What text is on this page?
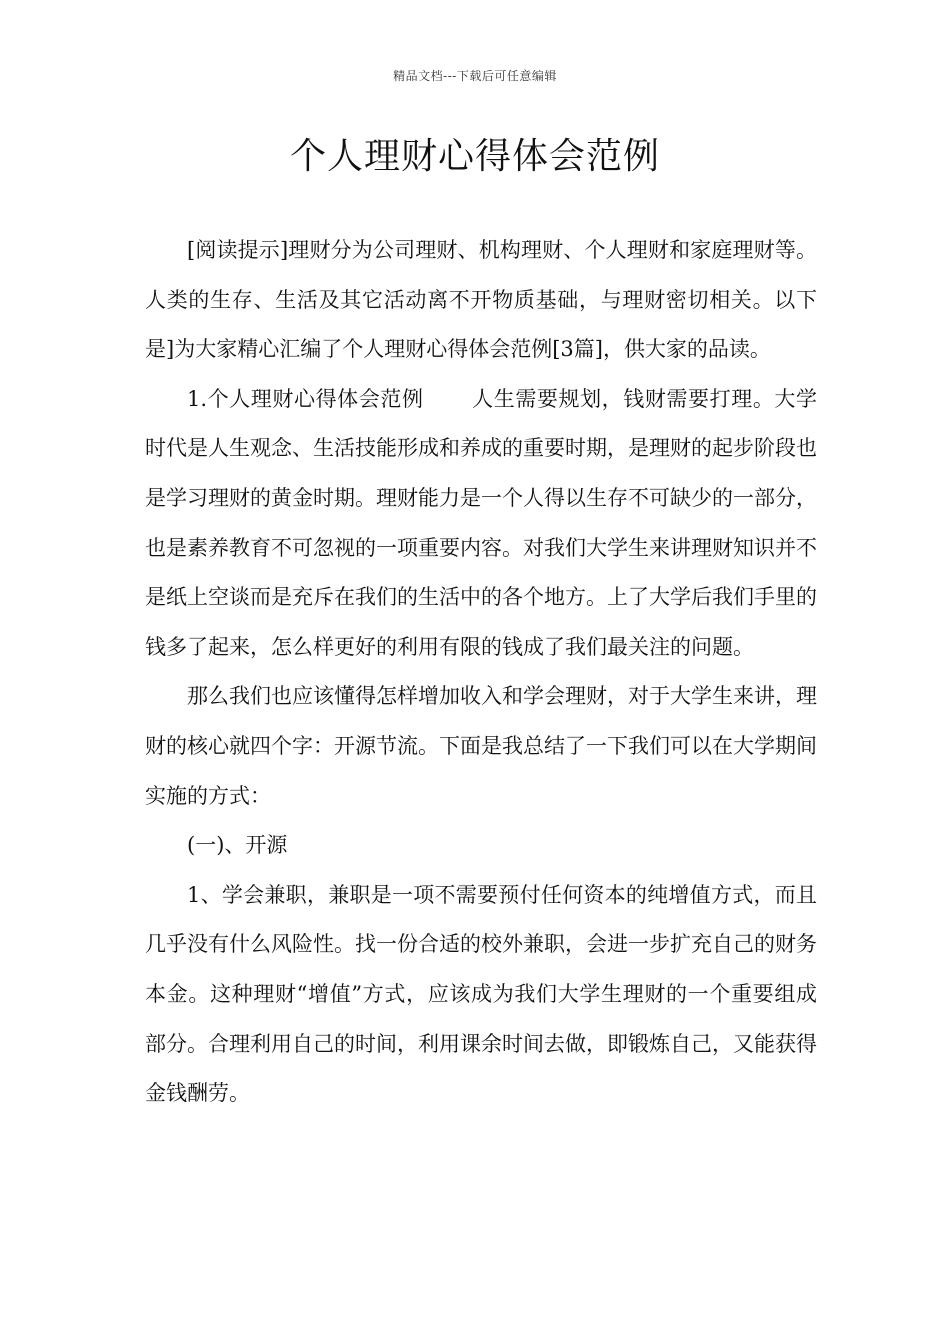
精品文档---下载后可任意编辑
个人理财心得体会范例

[阅读提示]理财分为公司理财、机构理财、个人理财和家庭理财等。人类的生存、生活及其它活动离不开物质基础，与理财密切相关。以下是]为大家精心汇编了个人理财心得体会范例[3篇]，供大家的品读。

1.个人理财心得体会范例 人生需要规划，钱财需要打理。大学时代是人生观念、生活技能形成和养成的重要时期，是理财的起步阶段也是学习理财的黄金时期。理财能力是一个人得以生存不可缺少的一部分，也是素养教育不可忽视的一项重要内容。对我们大学生来讲理财知识并不是纸上空谈而是充斥在我们的生活中的各个地方。上了大学后我们手里的钱多了起来，怎么样更好的利用有限的钱成了我们最关注的问题。

那么我们也应该懂得怎样增加收入和学会理财，对于大学生来讲，理财的核心就四个字：开源节流。下面是我总结了一下我们可以在大学期间实施的方式：

(一)、开源

1、学会兼职，兼职是一项不需要预付任何资本的纯增值方式，而且几乎没有什么风险性。找一份合适的校外兼职，会进一步扩充自己的财务本金。这种理财“增值”方式，应该成为我们大学生理财的一个重要组成部分。合理利用自己的时间，利用课余时间去做，即锻炼自己，又能获得金钱酬劳。
